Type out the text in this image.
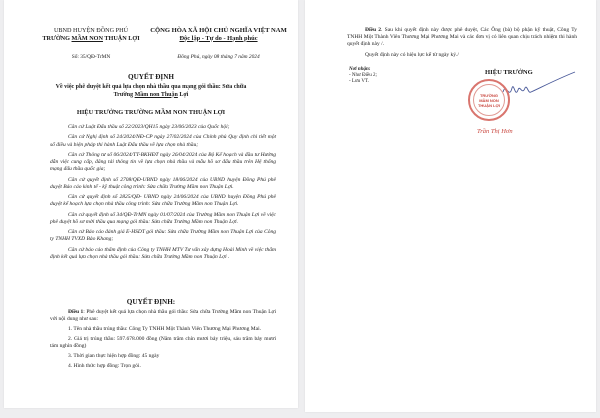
UBND HUYỆN ĐỒNG PHÚ
TRƯỜNG MẦM NON THUẬN LỢI
CỘNG HÒA XÃ HỘI CHỦ NGHĨA VIỆT NAM
Độc lập - Tự do - Hạnh phúc
Số: 35/QĐ-TrMN	Đồng Phú, ngày 08 tháng 7 năm 2024
QUYẾT ĐỊNH
Về việc phê duyệt kết quả lựa chọn nhà thầu qua mạng gói thầu: Sửa chữa
Trường Mầm non Thuận Lợi
HIỆU TRƯỞNG TRƯỜNG MẦM NON THUẬN LỢI

Căn cứ Luật Đấu thầu số 22/2023/QH15 ngày 23/06/2023 của Quốc hội;

Căn cứ Nghị định số 24/2024/NĐ-CP ngày 27/02/2024 của Chính phủ Quy định chi tiết một số điều và biện pháp thi hành Luật Đấu thầu về lựa chọn nhà thầu;

Căn cứ Thông tư số 06/2024/TT-BKHĐT ngày 26/04/2024 của Bộ Kế hoạch và đầu tư Hướng dẫn việc cung cấp, đăng tải thông tin về lựa chọn nhà thầu và mẫu hồ sơ đấu thầu trên Hệ thống mạng đấu thầu quốc gia;

Căn cứ quyết định số 2708/QĐ-UBND ngày 18/06/2024 của UBND huyện Đồng Phú phê duyệt Báo cáo kinh tế - kỹ thuật công trình: Sửa chữa Trường Mầm non Thuận Lợi.

Căn cứ quyết định số 2825/QĐ- UBND ngày 24/06/2024 của UBND huyện Đồng Phú phê duyệt kế hoạch lựa chọn nhà thầu công trình: Sửa chữa Trường Mầm non Thuận Lợi.

Căn cứ quyết định số 34/QĐ-TrMN ngày 01/07/2024 của Trường Mầm non Thuận Lợi về việc phê duyệt hồ sơ mời thầu qua mạng gói thầu: Sửa chữa Trường Mầm non Thuận Lợi.

Căn cứ Báo cáo đánh giá E-HSDT gói thầu: Sửa chữa Trường Mầm non Thuận Lợi của Công ty TNHH TVXD Bảo Khang;

Căn cứ báo cáo thẩm định của Công ty TNHH MTV Tư vấn xây dựng Hoài Minh về việc thẩm định kết quả lựa chọn nhà thầu gói thầu: Sửa chữa Trường Mầm non Thuận Lợi .

QUYẾT ĐỊNH:

Điều 1: Phê duyệt kết quả lựa chọn nhà thầu gói thầu: Sửa chữa Trường Mầm non Thuận Lợi với nội dung như sau:

1. Tên nhà thầu trúng thầu: Công Ty TNHH Một Thành Viên Thương Mại Phương Mai.

2. Giá trị trúng thầu: 597.678.000 đồng (Năm trăm chín mươi bảy triệu, sáu trăm bảy mươi tám nghìn đồng)

3. Thời gian thực hiện hợp đồng: 45 ngày

4. Hình thức hợp đồng: Trọn gói.

Điều 2. Sau khi quyết định này được phê duyệt, Các Ông (bà) bộ phận kỹ thuật, Công Ty TNHH Một Thành Viên Thương Mại Phương Mai và các đơn vị có liên quan chịu trách nhiệm thi hành quyết định này /.

Quyết định này có hiệu lực kể từ ngày ký./

Nơi nhận:
- Như Điều 2;
- Lưu VT.
HIỆU TRƯỞNG
TRƯỜNG
MẦM NON
THUẬN LỢI
Trần Thị Hơn
